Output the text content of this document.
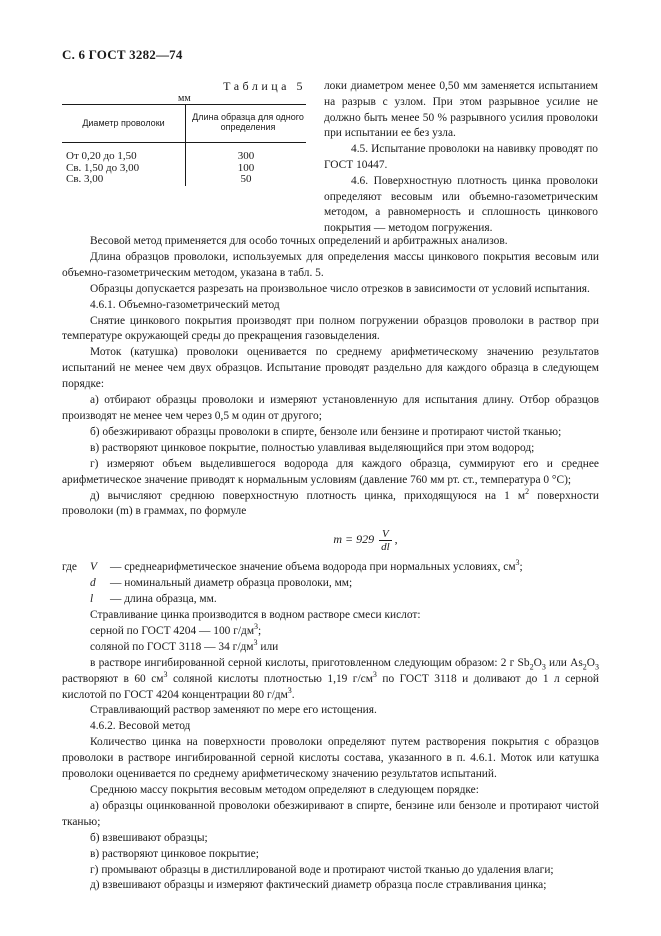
С. 6 ГОСТ 3282—74
Таблица 5
мм
Диаметр проволоки
Длина образца для одного определения
От 0,20 до 1,50	300
Св. 1,50 до 3,00	100
Св. 3,00	50

локи диаметром менее 0,50 мм заменяется испытанием на разрыв с узлом. При этом разрывное усилие не должно быть менее 50 % разрывного усилия проволоки при испытании ее без узла.

4.5. Испытание проволоки на навивку проводят по ГОСТ 10447.

4.6. Поверхностную плотность цинка проволоки определяют весовым или объемно-газометрическим методом, а равномерность и сплошность цинкового покрытия — методом погружения.

Весовой метод применяется для особо точных определений и арбитражных анализов.

Длина образцов проволоки, используемых для определения массы цинкового покрытия весовым или объемно-газометрическим методом, указана в табл. 5.

Образцы допускается разрезать на произвольное число отрезков в зависимости от условий испытания.

4.6.1. Объемно-газометрический метод

Снятие цинкового покрытия производят при полном погружении образцов проволоки в раствор при температуре окружающей среды до прекращения газовыделения.

Моток (катушка) проволоки оценивается по среднему арифметическому значению результатов испытаний не менее чем двух образцов. Испытание проводят раздельно для каждого образца в следующем порядке:

а) отбирают образцы проволоки и измеряют установленную для испытания длину. Отбор образцов производят не менее чем через 0,5 м один от другого;

б) обезжиривают образцы проволоки в спирте, бензоле или бензине и протирают чистой тканью;

в) растворяют цинковое покрытие, полностью улавливая выделяющийся при этом водород;

г) измеряют объем выделившегося водорода для каждого образца, суммируют его и среднее арифметическое значение приводят к нормальным условиям (давление 760 мм рт. ст., температура 0 °С);

д) вычисляют среднюю поверхностную плотность цинка, приходящуюся на 1 $м^2$ поверхности проволоки (m) в граммах, по формуле

$m = 929 \frac{V}{dl}$ ,
где	V	— среднеарифметическое значение объема водорода при нормальных условиях, $см^3$;
d	— номинальный диаметр образца проволоки, мм;
l	— длина образца, мм.

Стравливание цинка производится в водном растворе смеси кислот:

серной по ГОСТ 4204 — 100 $г/дм^3$;

соляной по ГОСТ 3118 — 34 $г/дм^3$ или

в растворе ингибированной серной кислоты, приготовленном следующим образом: 2 г $Sb_2O_3$ или $As_2O_3$ растворяют в 60 $см^3$ соляной кислоты плотностью 1,19 $г/см^3$ по ГОСТ 3118 и доливают до 1 л серной кислотой по ГОСТ 4204 концентрации 80 $г/дм^3$.

Стравливающий раствор заменяют по мере его истощения.

4.6.2. Весовой метод

Количество цинка на поверхности проволоки определяют путем растворения покрытия с образцов проволоки в растворе ингибированной серной кислоты состава, указанного в п. 4.6.1. Моток или катушка проволоки оценивается по среднему арифметическому значению результатов испытаний.

Среднюю массу покрытия весовым методом определяют в следующем порядке:

а) образцы оцинкованной проволоки обезжиривают в спирте, бензине или бензоле и протирают чистой тканью;

б) взвешивают образцы;

в) растворяют цинковое покрытие;

г) промывают образцы в дистиллированой воде и протирают чистой тканью до удаления влаги;

д) взвешивают образцы и измеряют фактический диаметр образца после стравливания цинка;
